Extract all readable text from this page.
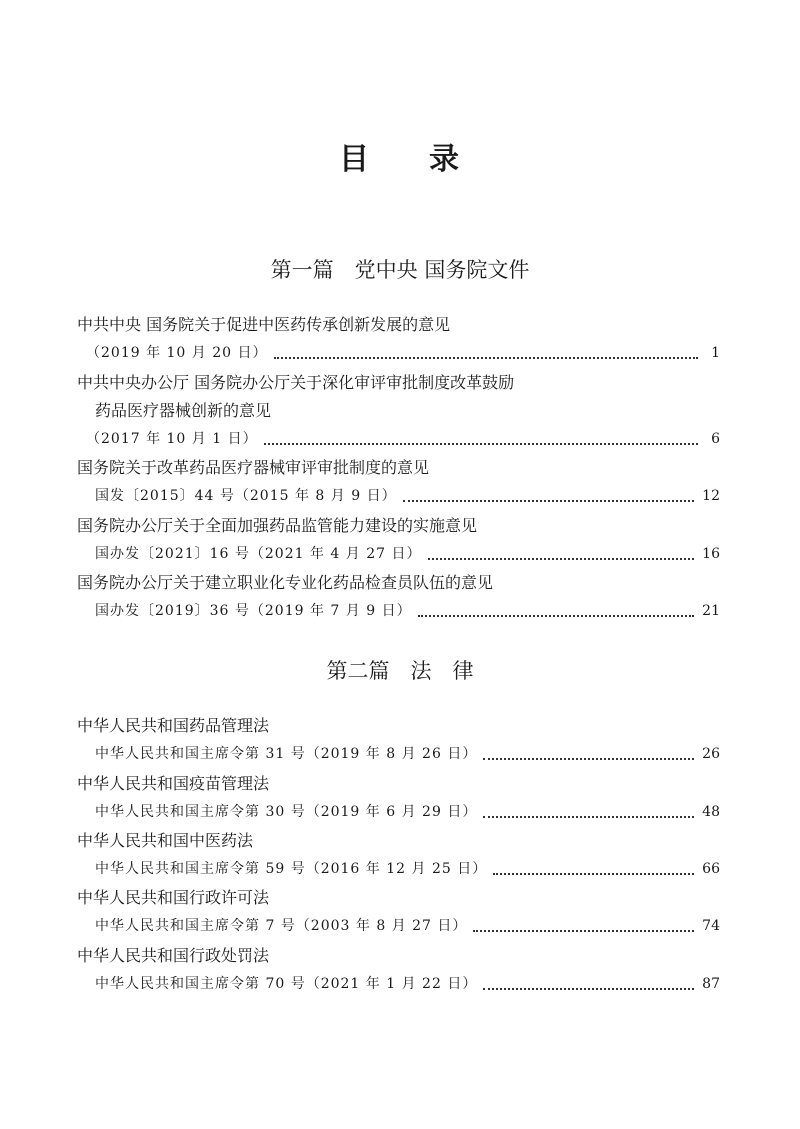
目 录
第一篇　党中央 国务院文件
中共中央 国务院关于促进中医药传承创新发展的意见
（2019 年 10 月 20 日）	1
中共中央办公厅 国务院办公厅关于深化审评审批制度改革鼓励
药品医疗器械创新的意见
（2017 年 10 月 1 日）	6
国务院关于改革药品医疗器械审评审批制度的意见
国发〔2015〕44 号（2015 年 8 月 9 日）	12
国务院办公厅关于全面加强药品监管能力建设的实施意见
国办发〔2021〕16 号（2021 年 4 月 27 日）	16
国务院办公厅关于建立职业化专业化药品检查员队伍的意见
国办发〔2019〕36 号（2019 年 7 月 9 日）	21
第二篇　法　律
中华人民共和国药品管理法
中华人民共和国主席令第 31 号（2019 年 8 月 26 日）	26
中华人民共和国疫苗管理法
中华人民共和国主席令第 30 号（2019 年 6 月 29 日）	48
中华人民共和国中医药法
中华人民共和国主席令第 59 号（2016 年 12 月 25 日）	66
中华人民共和国行政许可法
中华人民共和国主席令第 7 号（2003 年 8 月 27 日）	74
中华人民共和国行政处罚法
中华人民共和国主席令第 70 号（2021 年 1 月 22 日）	87
